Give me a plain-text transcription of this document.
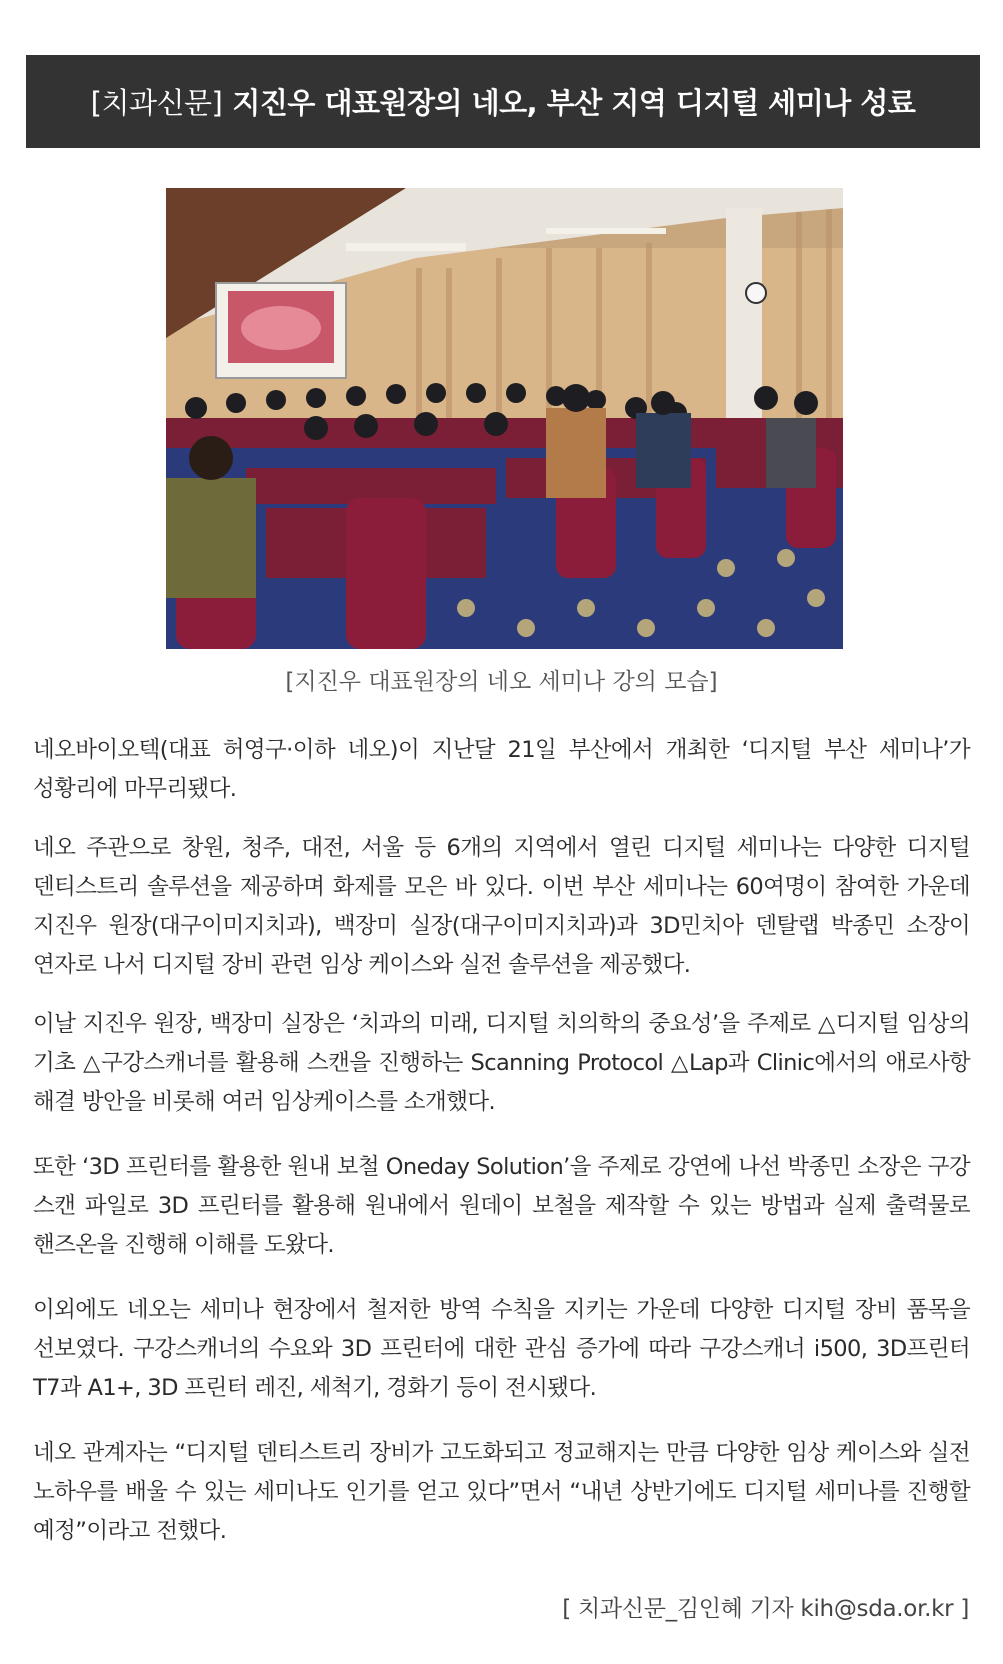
[치과신문] 지진우 대표원장의 네오, 부산 지역 디지털 세미나 성료
[지진우 대표원장의 네오 세미나 강의 모습]

네오바이오텍(대표 허영구·이하 네오)이 지난달 21일 부산에서 개최한 ‘디지털 부산 세미나’가 성황리에 마무리됐다.

네오 주관으로 창원, 청주, 대전, 서울 등 6개의 지역에서 열린 디지털 세미나는 다양한 디지털 덴티스트리 솔루션을 제공하며 화제를 모은 바 있다. 이번 부산 세미나는 60여명이 참여한 가운데 지진우 원장(대구이미지치과), 백장미 실장(대구이미지치과)과 3D민치아 덴탈랩 박종민 소장이 연자로 나서 디지털 장비 관련 임상 케이스와 실전 솔루션을 제공했다.

이날 지진우 원장, 백장미 실장은 ‘치과의 미래, 디지털 치의학의 중요성’을 주제로 △디지털 임상의 기초 △구강스캐너를 활용해 스캔을 진행하는 Scanning Protocol △Lap과 Clinic에서의 애로사항 해결 방안을 비롯해 여러 임상케이스를 소개했다.

또한 ‘3D 프린터를 활용한 원내 보철 Oneday Solution’을 주제로 강연에 나선 박종민 소장은 구강 스캔 파일로 3D 프린터를 활용해 원내에서 원데이 보철을 제작할 수 있는 방법과 실제 출력물로 핸즈온을 진행해 이해를 도왔다.

이외에도 네오는 세미나 현장에서 철저한 방역 수칙을 지키는 가운데 다양한 디지털 장비 품목을 선보였다. 구강스캐너의 수요와 3D 프린터에 대한 관심 증가에 따라 구강스캐너 i500, 3D프린터 T7과 A1+, 3D 프린터 레진, 세척기, 경화기 등이 전시됐다.

네오 관계자는 “디지털 덴티스트리 장비가 고도화되고 정교해지는 만큼 다양한 임상 케이스와 실전 노하우를 배울 수 있는 세미나도 인기를 얻고 있다”면서 “내년 상반기에도 디지털 세미나를 진행할 예정”이라고 전했다.

[ 치과신문_김인혜 기자 kih@sda.or.kr ]
